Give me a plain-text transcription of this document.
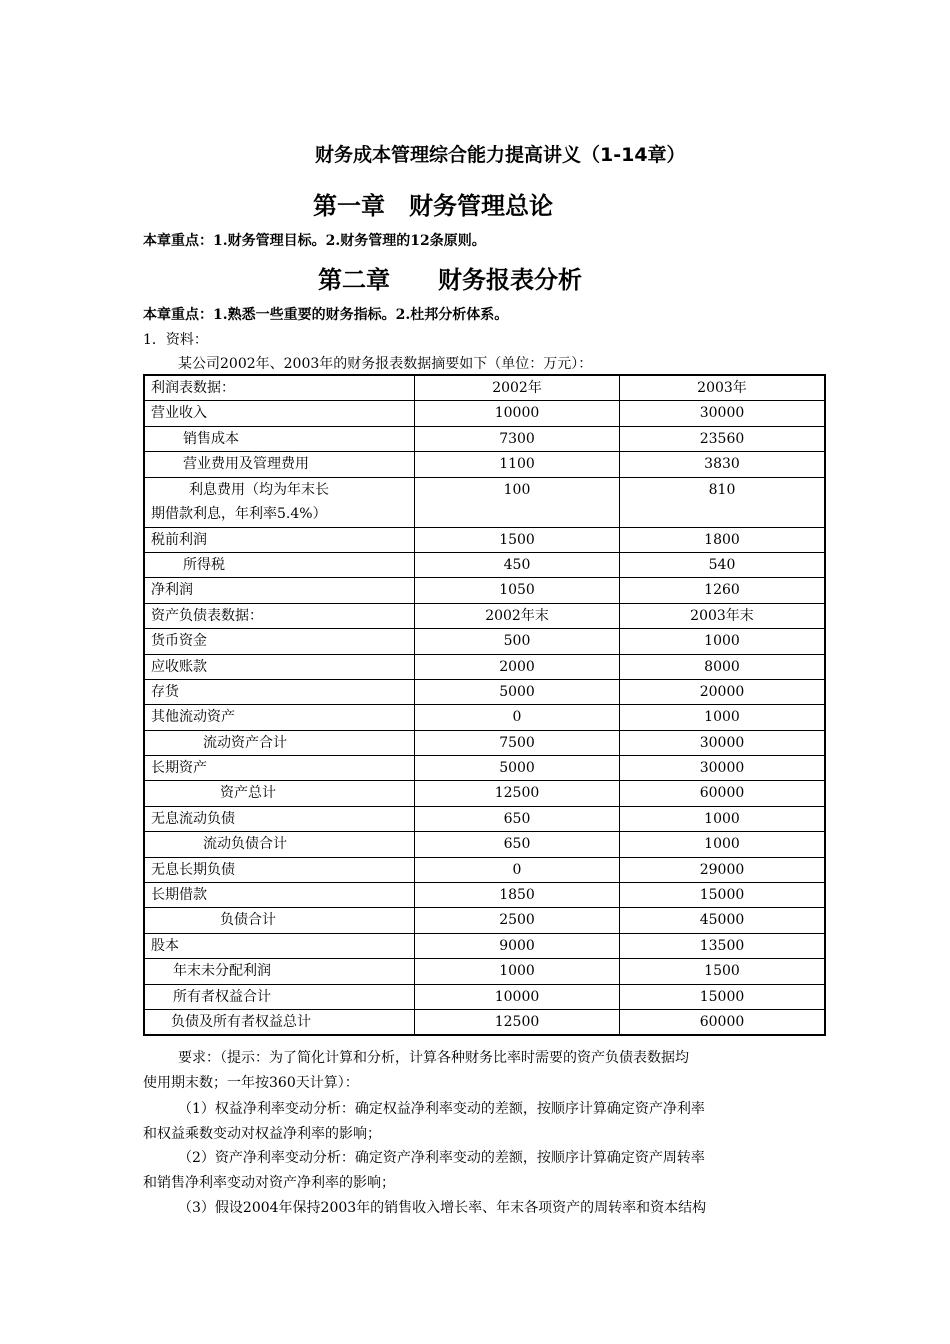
财务成本管理综合能力提高讲义（1-14章）
第一章　财务管理总论
本章重点：1.财务管理目标。2.财务管理的12条原则。
第二章　　财务报表分析
本章重点：1.熟悉一些重要的财务指标。2.杜邦分析体系。
1．资料：
某公司2002年、2003年的财务报表数据摘要如下（单位：万元）：
利润表数据：	2002年	2003年
营业收入	10000	30000
销售成本	7300	23560
营业费用及管理费用	1100	3830

利息费用（均为年末长
期借款利息，年利率5.4%）	100	810
税前利润	1500	1800
所得税	450	540
净利润	1050	1260
资产负债表数据：	2002年末	2003年末
货币资金	500	1000
应收账款	2000	8000
存货	5000	20000
其他流动资产	0	1000
流动资产合计	7500	30000
长期资产	5000	30000
资产总计	12500	60000
无息流动负债	650	1000
流动负债合计	650	1000
无息长期负债	0	29000
长期借款	1850	15000
负债合计	2500	45000
股本	9000	13500
年末未分配利润	1000	1500
所有者权益合计	10000	15000
负债及所有者权益总计	12500	60000
要求：（提示：为了简化计算和分析，计算各种财务比率时需要的资产负债表数据均
使用期末数；一年按360天计算）：
（1）权益净利率变动分析：确定权益净利率变动的差额，按顺序计算确定资产净利率
和权益乘数变动对权益净利率的影响；
（2）资产净利率变动分析：确定资产净利率变动的差额，按顺序计算确定资产周转率
和销售净利率变动对资产净利率的影响；
（3）假设2004年保持2003年的销售收入增长率、年末各项资产的周转率和资本结构
